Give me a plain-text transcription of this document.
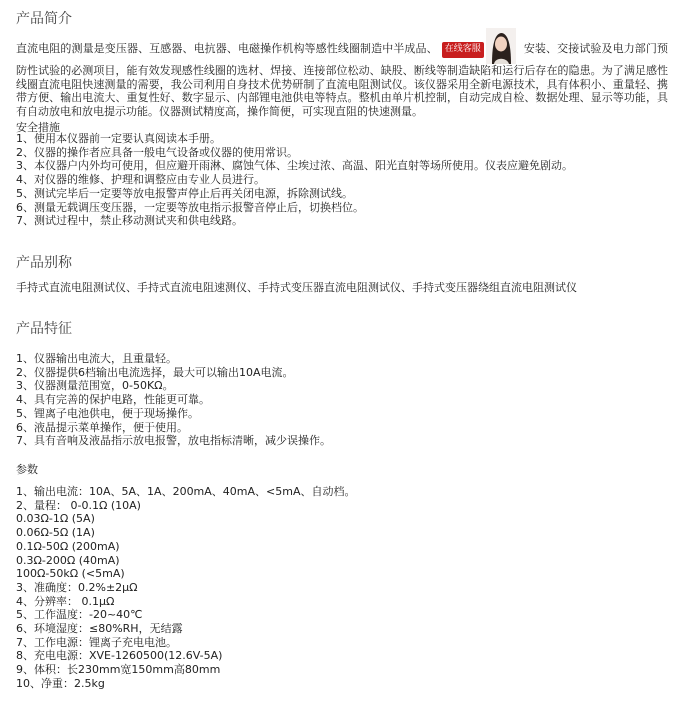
产品简介
直流电阻的测量是变压器、互感器、电抗器、电磁操作机构等感性线圈制造中半成品、 在线客服	安装、交接试验及电力部门预防性试验的必测项目，能有效发现感性线圈的选材、焊接、连接部位松动、缺股、断线等制造缺陷和运行后存在的隐患。为了满足感性线圈直流电阻快速测量的需要，我公司利用自身技术优势研制了直流电阻测试仪。该仪器采用全新电源技术，具有体积小、重量轻、携带方便、输出电流大、重复性好、数字显示、内部锂电池供电等特点。整机由单片机控制，自动完成自检、数据处理、显示等功能，具有自动放电和放电提示功能。仪器测试精度高，操作简便，可实现直阻的快速测量。
安全措施
1、使用本仪器前一定要认真阅读本手册。
2、仪器的操作者应具备一般电气设备或仪器的使用常识。
3、本仪器户内外均可使用，但应避开雨淋、腐蚀气体、尘埃过浓、高温、阳光直射等场所使用。仪表应避免剧动。
4、对仪器的维修、护理和调整应由专业人员进行。
5、测试完毕后一定要等放电报警声停止后再关闭电源，拆除测试线。
6、测量无载调压变压器，一定要等放电指示报警音停止后，切换档位。
7、测试过程中，禁止移动测试夹和供电线路。
产品别称
手持式直流电阻测试仪、手持式直流电阻速测仪、手持式变压器直流电阻测试仪、手持式变压器绕组直流电阻测试仪
产品特征
1、仪器输出电流大，且重量轻。
2、仪器提供6档输出电流选择，最大可以输出10A电流。
3、仪器测量范围宽，0-50KΩ。
4、具有完善的保护电路，性能更可靠。
5、锂离子电池供电，便于现场操作。
6、液晶提示菜单操作，便于使用。
7、具有音响及液晶指示放电报警，放电指标清晰，减少误操作。
参数
1、输出电流：10A、5A、1A、200mA、40mA、<5mA、自动档。
2、量程： 0-0.1Ω (10A)
0.03Ω-1Ω (5A)
0.06Ω-5Ω (1A)
0.1Ω-50Ω (200mA)
0.3Ω-200Ω (40mA)
100Ω-50kΩ (<5mA)
3、准确度：0.2%±2μΩ
4、分辨率： 0.1μΩ
5、工作温度：-20~40℃
6、环境湿度：≤80%RH，无结露
7、工作电源：锂离子充电电池。
8、充电电源：XVE-1260500(12.6V-5A)
9、体积：长230mm宽150mm高80mm
10、净重：2.5kg
